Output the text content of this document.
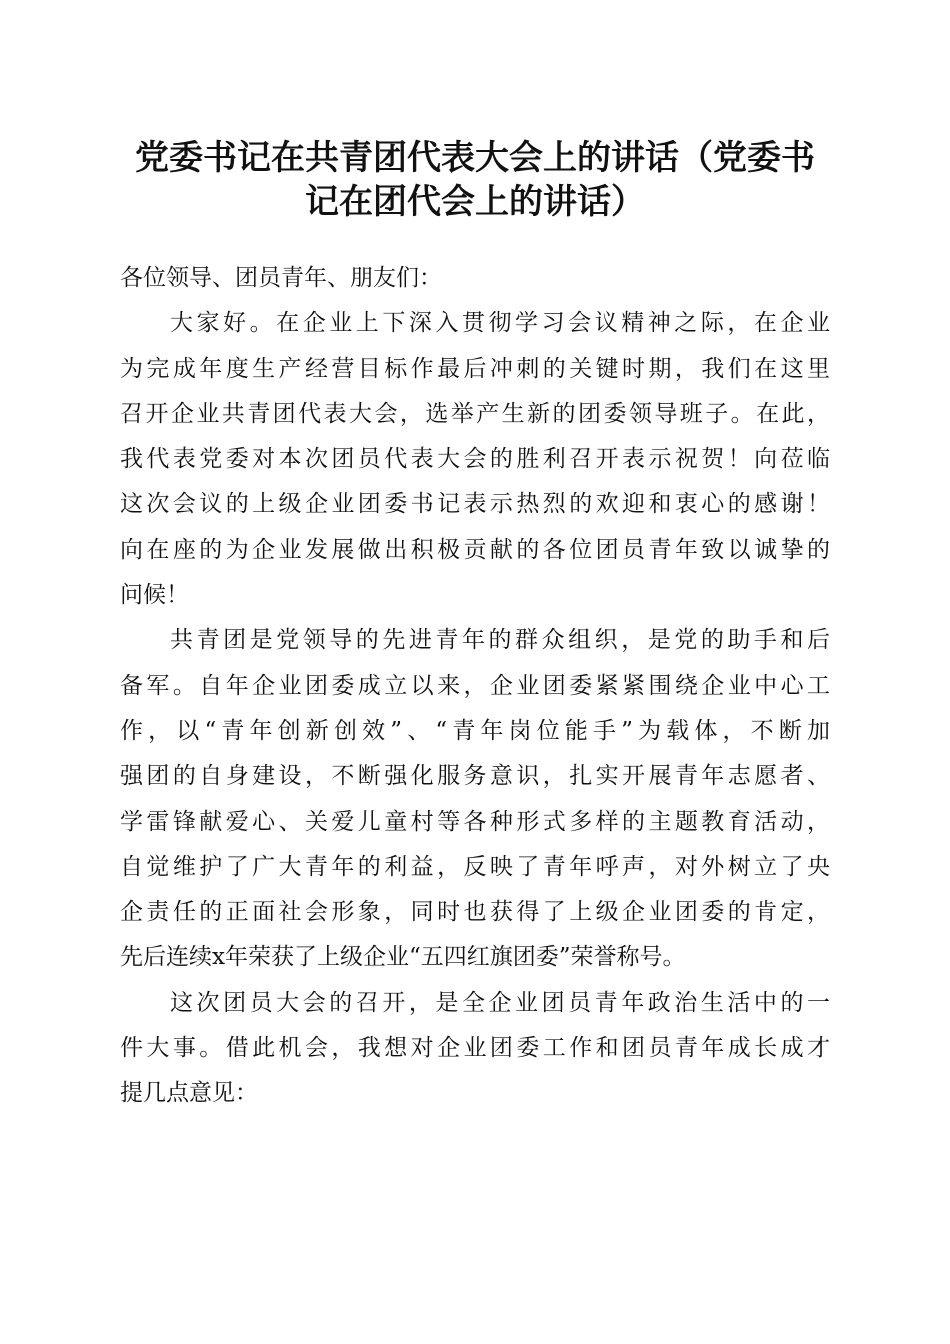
党委书记在共青团代表大会上的讲话（党委书
记在团代会上的讲话）
各位领导、团员青年、朋友们：
大家好。在企业上下深入贯彻学习会议精神之际，在企业
为完成年度生产经营目标作最后冲刺的关键时期，我们在这里
召开企业共青团代表大会，选举产生新的团委领导班子。在此，
我代表党委对本次团员代表大会的胜利召开表示祝贺！向莅临
这次会议的上级企业团委书记表示热烈的欢迎和衷心的感谢！
向在座的为企业发展做出积极贡献的各位团员青年致以诚挚的
问候！
共青团是党领导的先进青年的群众组织，是党的助手和后
备军。自年企业团委成立以来，企业团委紧紧围绕企业中心工
作，以“青年创新创效”、“青年岗位能手”为载体，不断加
强团的自身建设，不断强化服务意识，扎实开展青年志愿者、
学雷锋献爱心、关爱儿童村等各种形式多样的主题教育活动，
自觉维护了广大青年的利益，反映了青年呼声，对外树立了央
企责任的正面社会形象，同时也获得了上级企业团委的肯定，
先后连续x年荣获了上级企业“五四红旗团委”荣誉称号。
这次团员大会的召开，是全企业团员青年政治生活中的一
件大事。借此机会，我想对企业团委工作和团员青年成长成才
提几点意见：
